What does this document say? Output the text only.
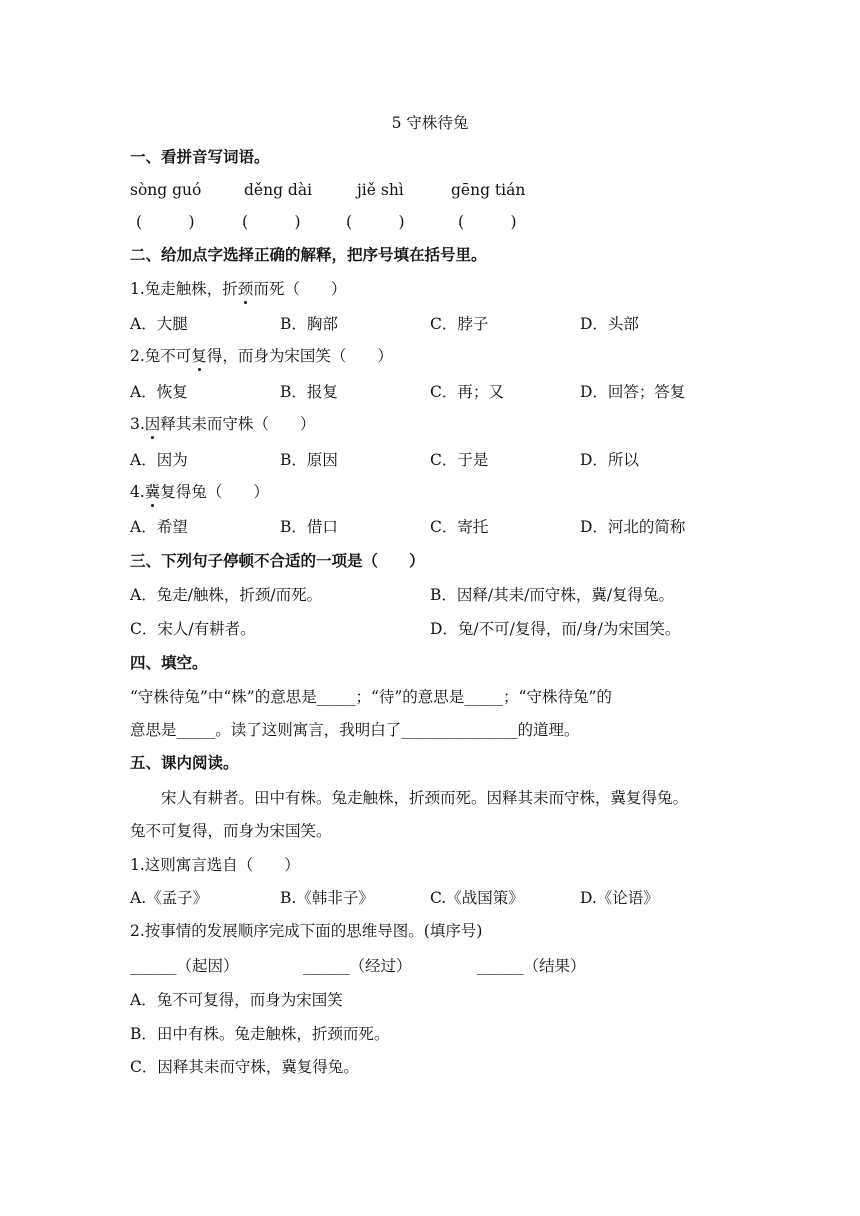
5 守株待兔
一、看拼音写词语。
sòng guó	děng dài	jiě shì	gēng tián
(　　　)	(　　　)	(　　　)	(　　　)
二、给加点字选择正确的解释，把序号填在括号里。
1.兔走触株，折颈而死（　　）
A．大腿	B．胸部	C．脖子	D．头部
2.兔不可复得，而身为宋国笑（　　）
A．恢复	B．报复	C．再；又	D．回答；答复
3.因释其耒而守株（　　）
A．因为	B．原因	C．于是	D．所以
4.冀复得兔（　　）
A．希望	B．借口	C．寄托	D．河北的简称
三、下列句子停顿不合适的一项是（　　）
A．兔走/触株，折颈/而死。	B．因释/其耒/而守株，冀/复得兔。
C．宋人/有耕者。	D．兔/不可/复得，而/身/为宋国笑。
四、填空。
“守株待兔”中“株”的意思是_____；“待”的意思是_____；“守株待兔”的
意思是_____。读了这则寓言，我明白了_______________的道理。
五、课内阅读。
宋人有耕者。田中有株。兔走触株，折颈而死。因释其耒而守株，冀复得兔。
兔不可复得，而身为宋国笑。
1.这则寓言选自（　　）
A.《孟子》	B.《韩非子》	C.《战国策》	D.《论语》
2.按事情的发展顺序完成下面的思维导图。(填序号)
______（起因）	______（经过）	______（结果）
A．兔不可复得，而身为宋国笑
B．田中有株。兔走触株，折颈而死。
C．因释其耒而守株，冀复得兔。
